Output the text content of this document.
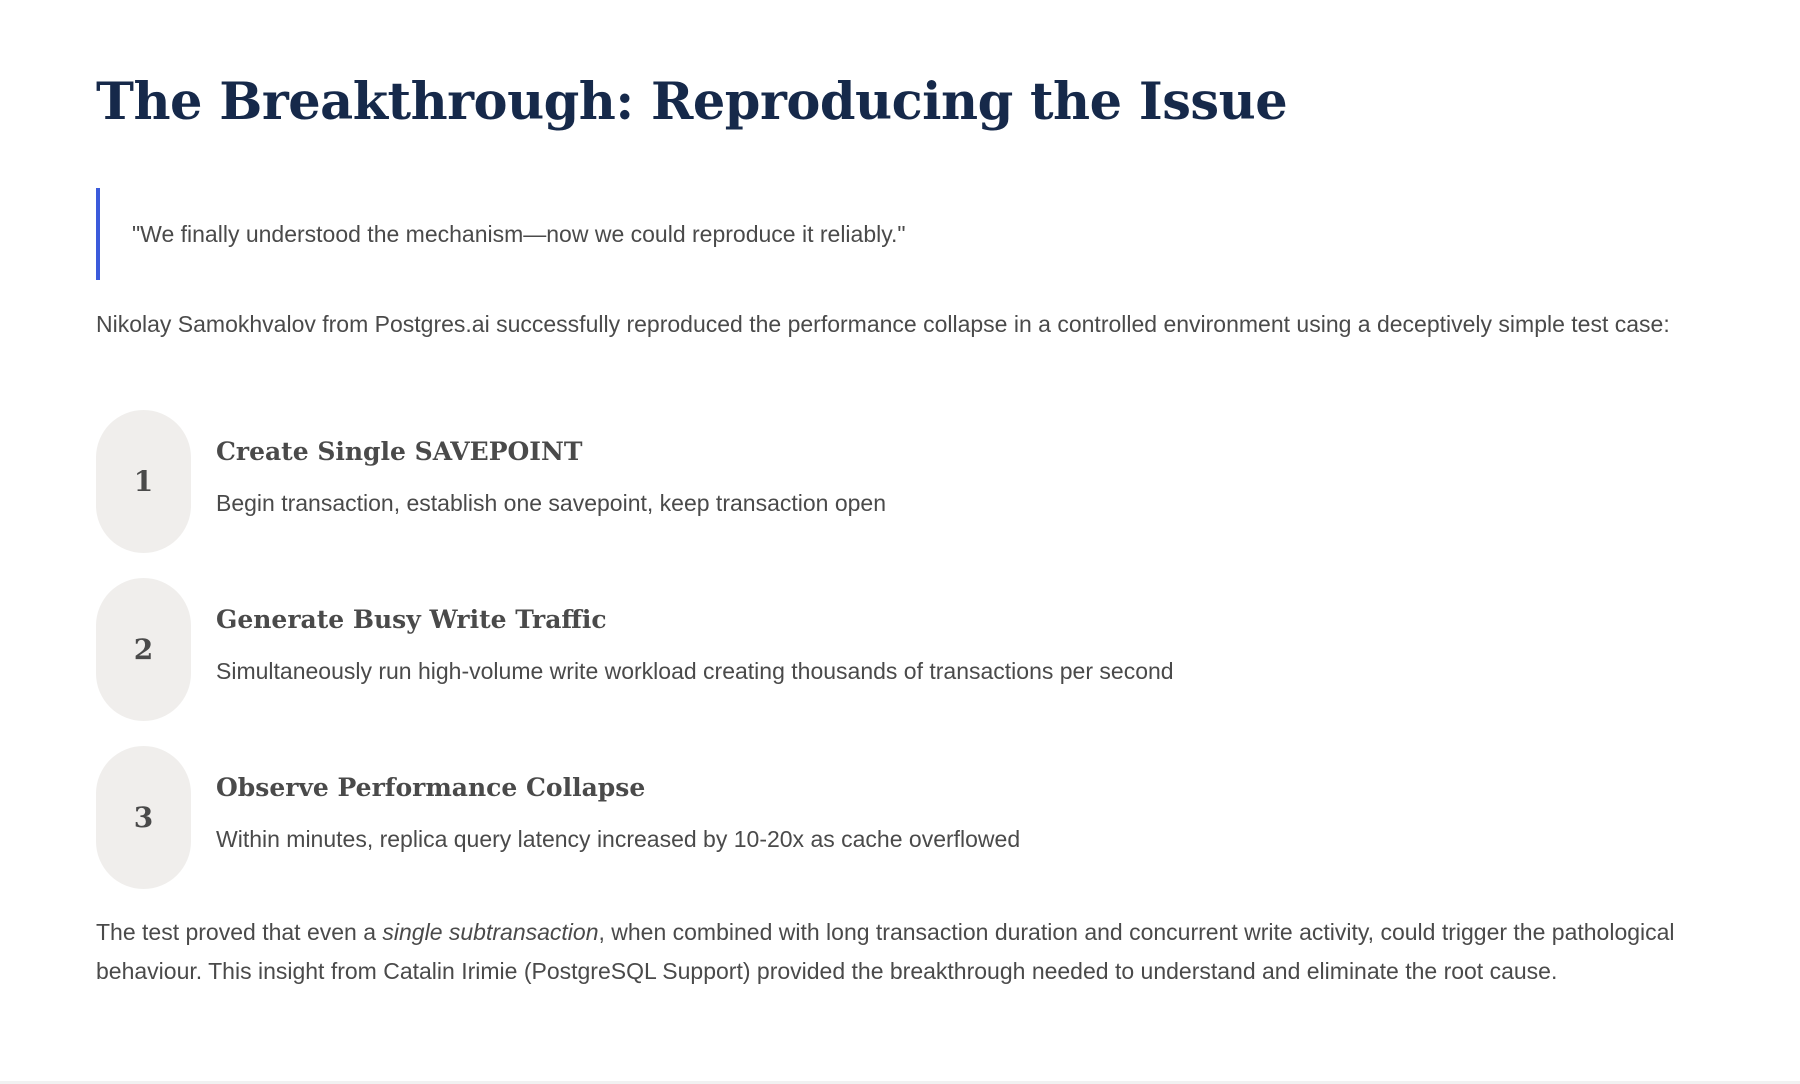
The Breakthrough: Reproducing the Issue
"We finally understood the mechanism—now we could reproduce it reliably."

Nikolay Samokhvalov from Postgres.ai successfully reproduced the performance collapse in a controlled environment using a deceptively simple test case:

1
Create Single SAVEPOINT
Begin transaction, establish one savepoint, keep transaction open
2
Generate Busy Write Traffic
Simultaneously run high-volume write workload creating thousands of transactions per second
3
Observe Performance Collapse
Within minutes, replica query latency increased by 10-20x as cache overflowed

The test proved that even a single subtransaction, when combined with long transaction duration and concurrent write activity, could trigger the pathological behaviour. This insight from Catalin Irimie (PostgreSQL Support) provided the breakthrough needed to understand and eliminate the root cause.
